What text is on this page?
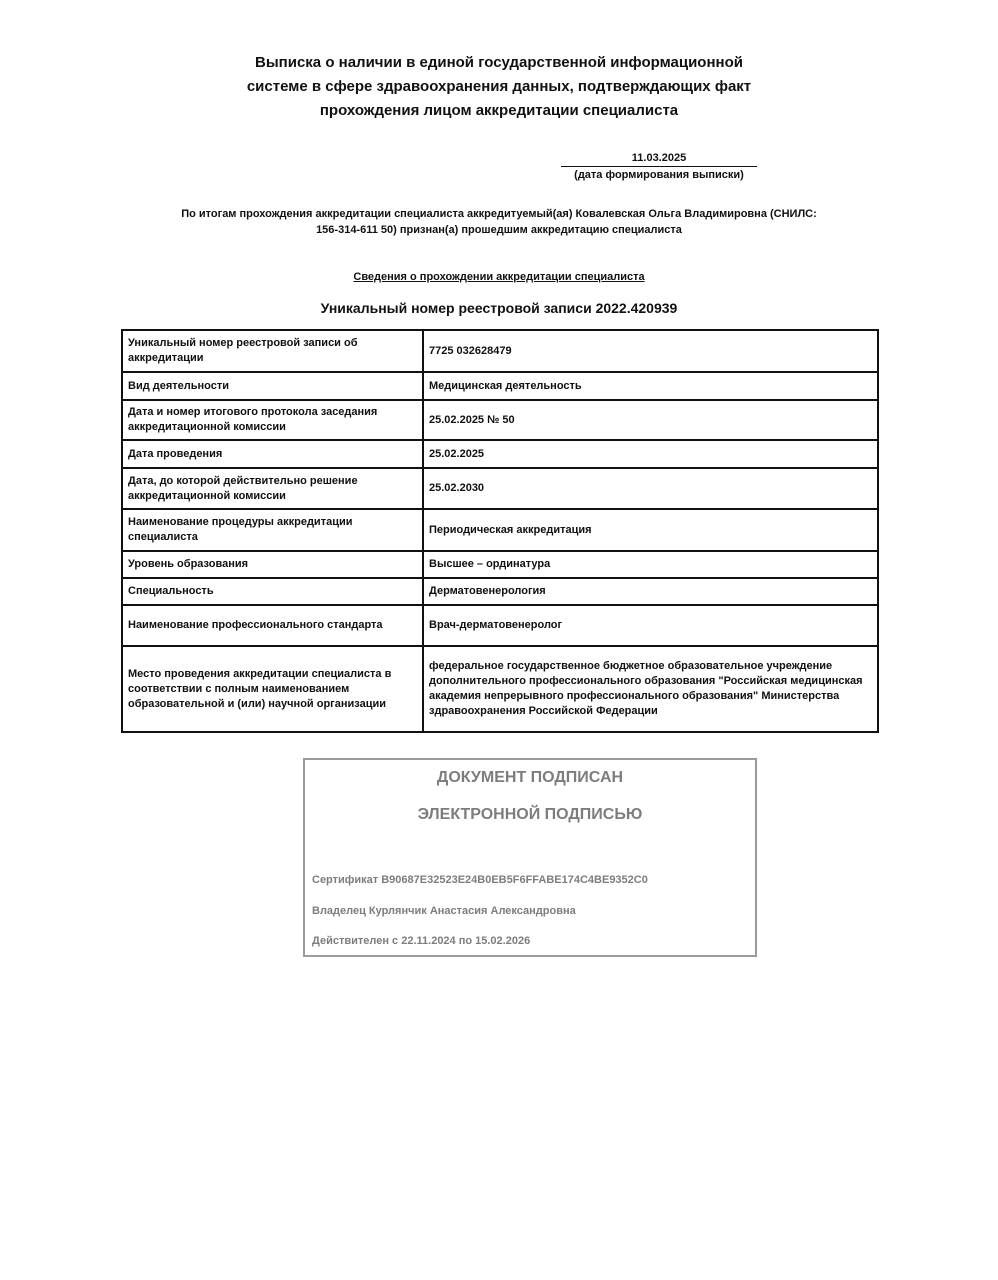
Выписка о наличии в единой государственной информационной
системе в сфере здравоохранения данных, подтверждающих факт
прохождения лицом аккредитации специалиста
11.03.2025
(дата формирования выписки)
По итогам прохождения аккредитации специалиста аккредитуемый(ая) Ковалевская Ольга Владимировна (СНИЛС:
156-314-611 50) признан(а) прошедшим аккредитацию специалиста
Сведения о прохождении аккредитации специалиста
Уникальный номер реестровой записи 2022.420939
Уникальный номер реестровой записи об аккредитации	7725 032628479
Вид деятельности	Медицинская деятельность
Дата и номер итогового протокола заседания аккредитационной комиссии	25.02.2025 № 50
Дата проведения	25.02.2025
Дата, до которой действительно решение аккредитационной комиссии	25.02.2030
Наименование процедуры аккредитации специалиста	Периодическая аккредитация
Уровень образования	Высшее – ординатура
Специальность	Дерматовенерология
Наименование профессионального стандарта	Врач-дерматовенеролог
Место проведения аккредитации специалиста в соответствии с полным наименованием образовательной и (или) научной организации	федеральное государственное бюджетное образовательное учреждение дополнительного профессионального образования "Российская медицинская академия непрерывного профессионального образования" Министерства здравоохранения Российской Федерации
ДОКУМЕНТ ПОДПИСАН
ЭЛЕКТРОННОЙ ПОДПИСЬЮ
Сертификат B90687E32523E24B0EB5F6FFABE174C4BE9352C0
Владелец Курлянчик Анастасия Александровна
Действителен с 22.11.2024 по 15.02.2026
